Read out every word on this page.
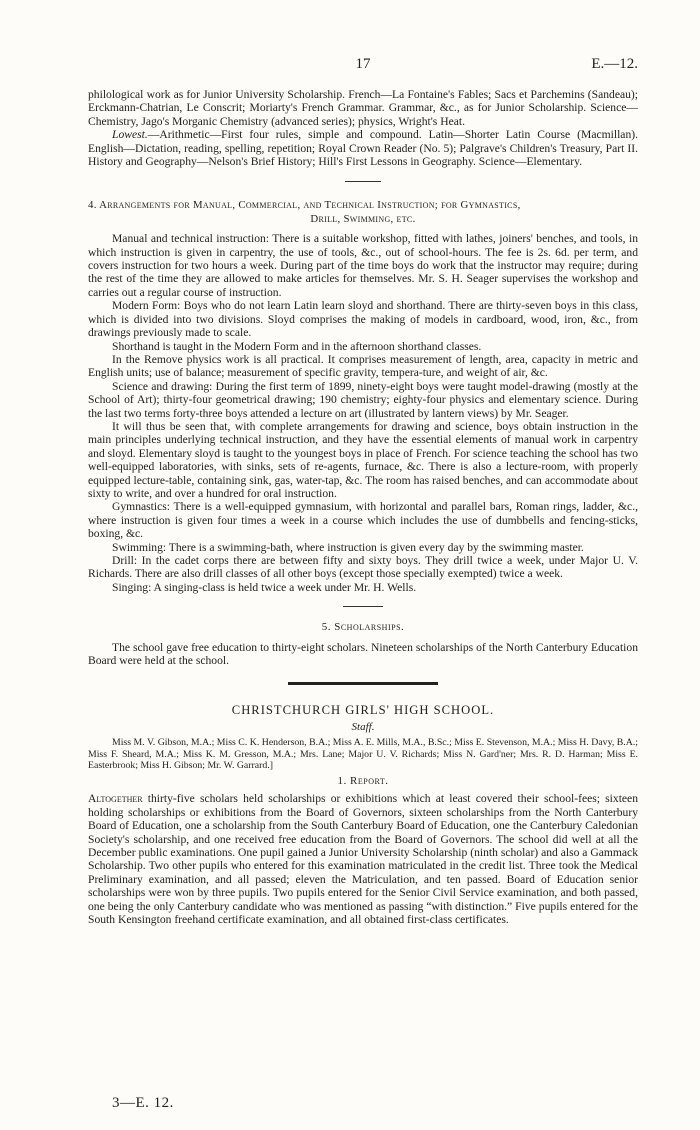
17	E.—12.

philological work as for Junior University Scholarship. French—La Fontaine's Fables; Sacs et Parchemins (Sandeau); Erckmann-Chatrian, Le Conscrit; Moriarty's French Grammar. Grammar, &c., as for Junior Scholarship. Science—Chemistry, Jago's Morganic Chemistry (advanced series); physics, Wright's Heat.

Lowest.—Arithmetic—First four rules, simple and compound. Latin—Shorter Latin Course (Macmillan). English—Dictation, reading, spelling, repetition; Royal Crown Reader (No. 5); Palgrave's Children's Treasury, Part II. History and Geography—Nelson's Brief History; Hill's First Lessons in Geography. Science—Elementary.

4. Arrangements for Manual, Commercial, and Technical Instruction; for Gymnastics,
Drill, Swimming, etc.

Manual and technical instruction: There is a suitable workshop, fitted with lathes, joiners' benches, and tools, in which instruction is given in carpentry, the use of tools, &c., out of school-hours. The fee is 2s. 6d. per term, and covers instruction for two hours a week. During part of the time boys do work that the instructor may require; during the rest of the time they are allowed to make articles for themselves. Mr. S. H. Seager supervises the workshop and carries out a regular course of instruction.

Modern Form: Boys who do not learn Latin learn sloyd and shorthand. There are thirty-seven boys in this class, which is divided into two divisions. Sloyd comprises the making of models in cardboard, wood, iron, &c., from drawings previously made to scale.

Shorthand is taught in the Modern Form and in the afternoon shorthand classes.

In the Remove physics work is all practical. It comprises measurement of length, area, capacity in metric and English units; use of balance; measurement of specific gravity, tempera-ture, and weight of air, &c.

Science and drawing: During the first term of 1899, ninety-eight boys were taught model-drawing (mostly at the School of Art); thirty-four geometrical drawing; 190 chemistry; eighty-four physics and elementary science. During the last two terms forty-three boys attended a lecture on art (illustrated by lantern views) by Mr. Seager.

It will thus be seen that, with complete arrangements for drawing and science, boys obtain instruction in the main principles underlying technical instruction, and they have the essential elements of manual work in carpentry and sloyd. Elementary sloyd is taught to the youngest boys in place of French. For science teaching the school has two well-equipped laboratories, with sinks, sets of re-agents, furnace, &c. There is also a lecture-room, with properly equipped lecture-table, containing sink, gas, water-tap, &c. The room has raised benches, and can accommodate about sixty to write, and over a hundred for oral instruction.

Gymnastics: There is a well-equipped gymnasium, with horizontal and parallel bars, Roman rings, ladder, &c., where instruction is given four times a week in a course which includes the use of dumbbells and fencing-sticks, boxing, &c.

Swimming: There is a swimming-bath, where instruction is given every day by the swimming master.

Drill: In the cadet corps there are between fifty and sixty boys. They drill twice a week, under Major U. V. Richards. There are also drill classes of all other boys (except those specially exempted) twice a week.

Singing: A singing-class is held twice a week under Mr. H. Wells.

5. Scholarships.

The school gave free education to thirty-eight scholars. Nineteen scholarships of the North Canterbury Education Board were held at the school.

CHRISTCHURCH GIRLS' HIGH SCHOOL.
Staff.

Miss M. V. Gibson, M.A.; Miss C. K. Henderson, B.A.; Miss A. E. Mills, M.A., B.Sc.; Miss E. Stevenson, M.A.; Miss H. Davy, B.A.; Miss F. Sheard, M.A.; Miss K. M. Gresson, M.A.; Mrs. Lane; Major U. V. Richards; Miss N. Gard'ner; Mrs. R. D. Harman; Miss E. Easterbrook; Miss H. Gibson; Mr. W. Garrard.]

1. Report.

Altogether thirty-five scholars held scholarships or exhibitions which at least covered their school-fees; sixteen holding scholarships or exhibitions from the Board of Governors, sixteen scholarships from the North Canterbury Board of Education, one a scholarship from the South Canterbury Board of Education, one the Canterbury Caledonian Society's scholarship, and one received free education from the Board of Governors. The school did well at all the December public examinations. One pupil gained a Junior University Scholarship (ninth scholar) and also a Gammack Scholarship. Two other pupils who entered for this examination matriculated in the credit list. Three took the Medical Preliminary examination, and all passed; eleven the Matriculation, and ten passed. Board of Education senior scholarships were won by three pupils. Two pupils entered for the Senior Civil Service examination, and both passed, one being the only Canterbury candidate who was mentioned as passing “with distinction.” Five pupils entered for the South Kensington freehand certificate examination, and all obtained first-class certificates.

3—E. 12.
